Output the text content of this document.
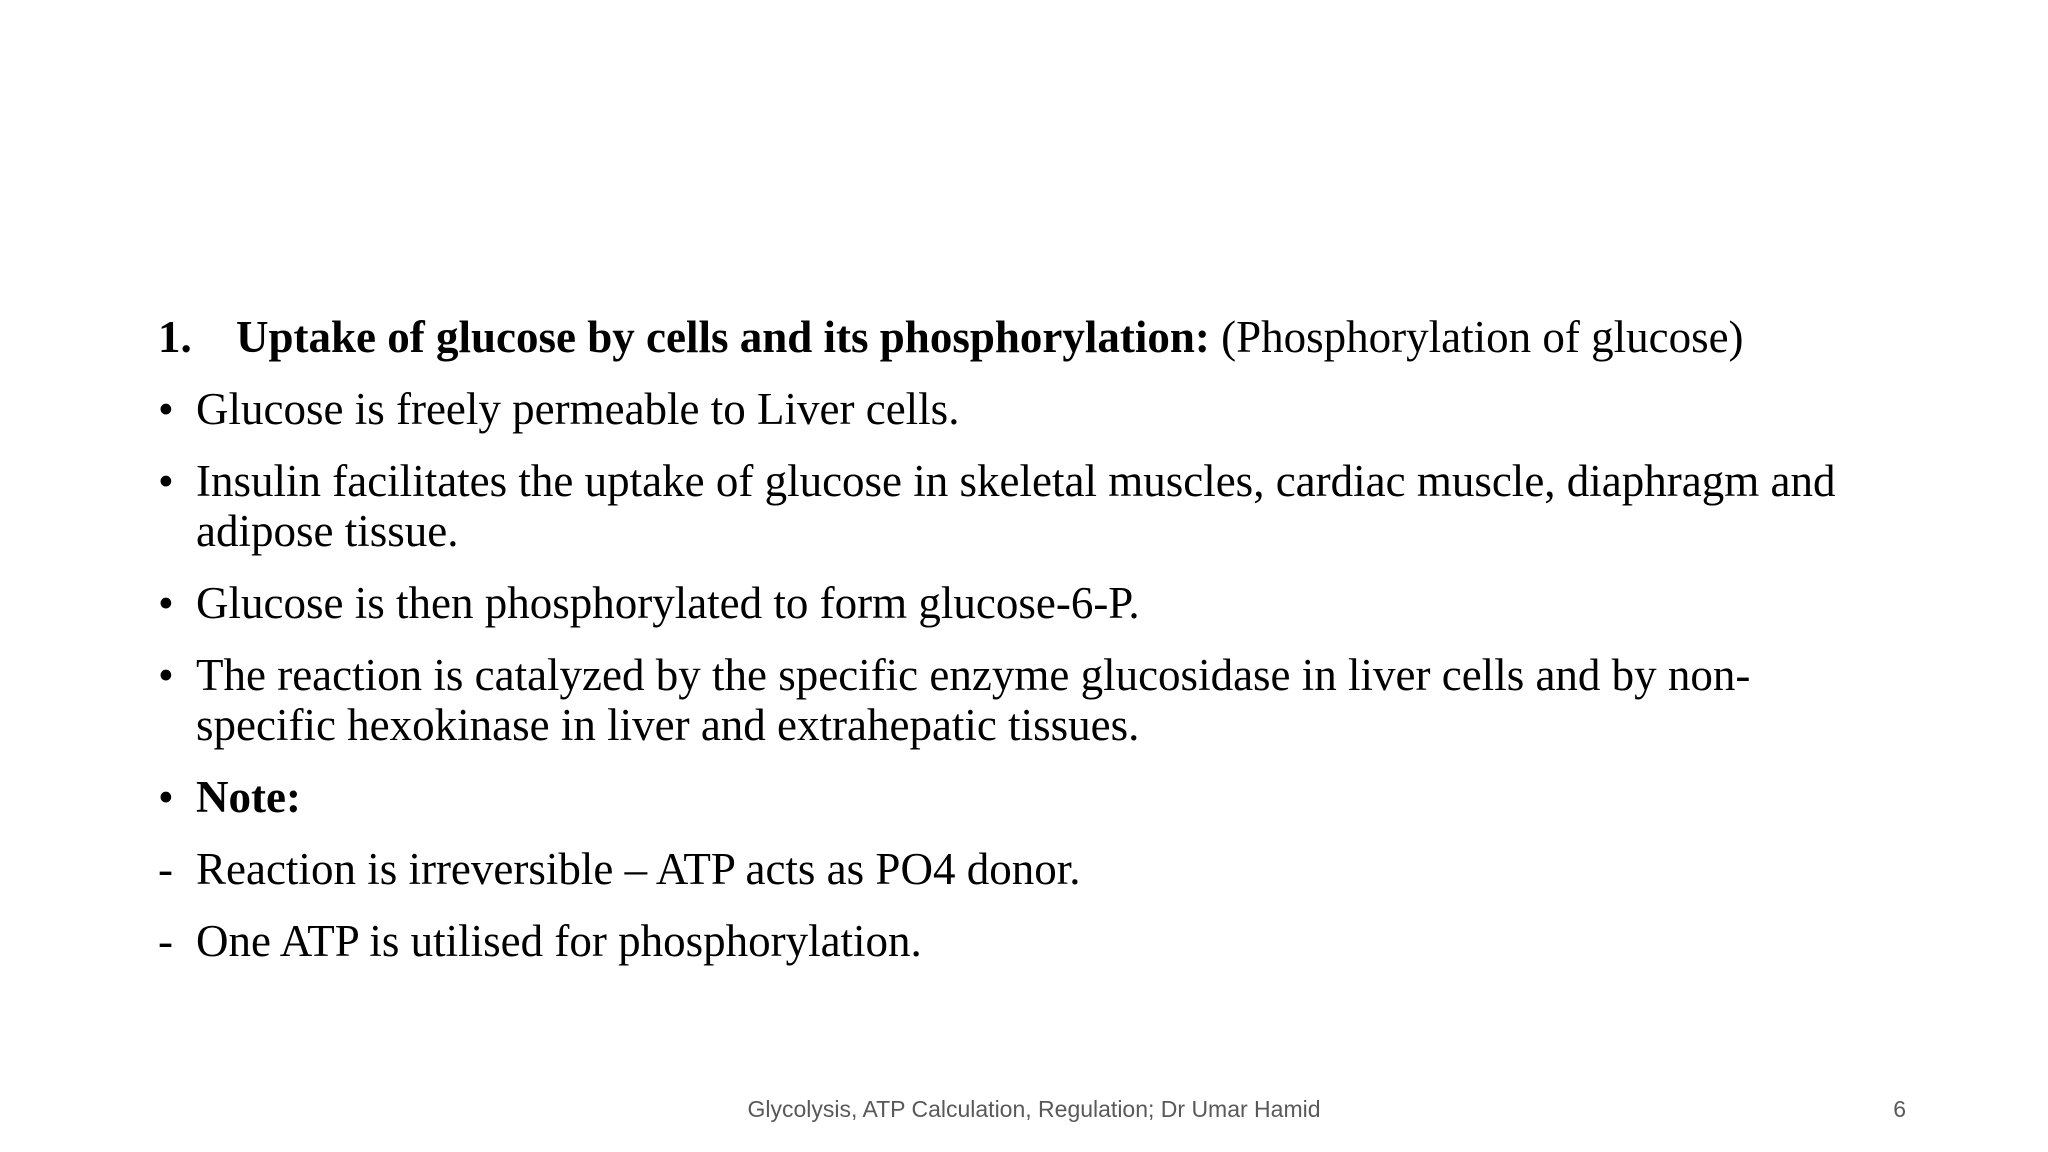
1. Uptake of glucose by cells and its phosphorylation: (Phosphorylation of glucose)
• Glucose is freely permeable to Liver cells.
• Insulin facilitates the uptake of glucose in skeletal muscles, cardiac muscle, diaphragm and adipose tissue.
• Glucose is then phosphorylated to form glucose-6-P.
• The reaction is catalyzed by the specific enzyme glucosidase in liver cells and by non-specific hexokinase in liver and extrahepatic tissues.
• Note:
- Reaction is irreversible – ATP acts as PO4 donor.
- One ATP is utilised for phosphorylation.
Glycolysis, ATP Calculation, Regulation; Dr Umar Hamid	6
